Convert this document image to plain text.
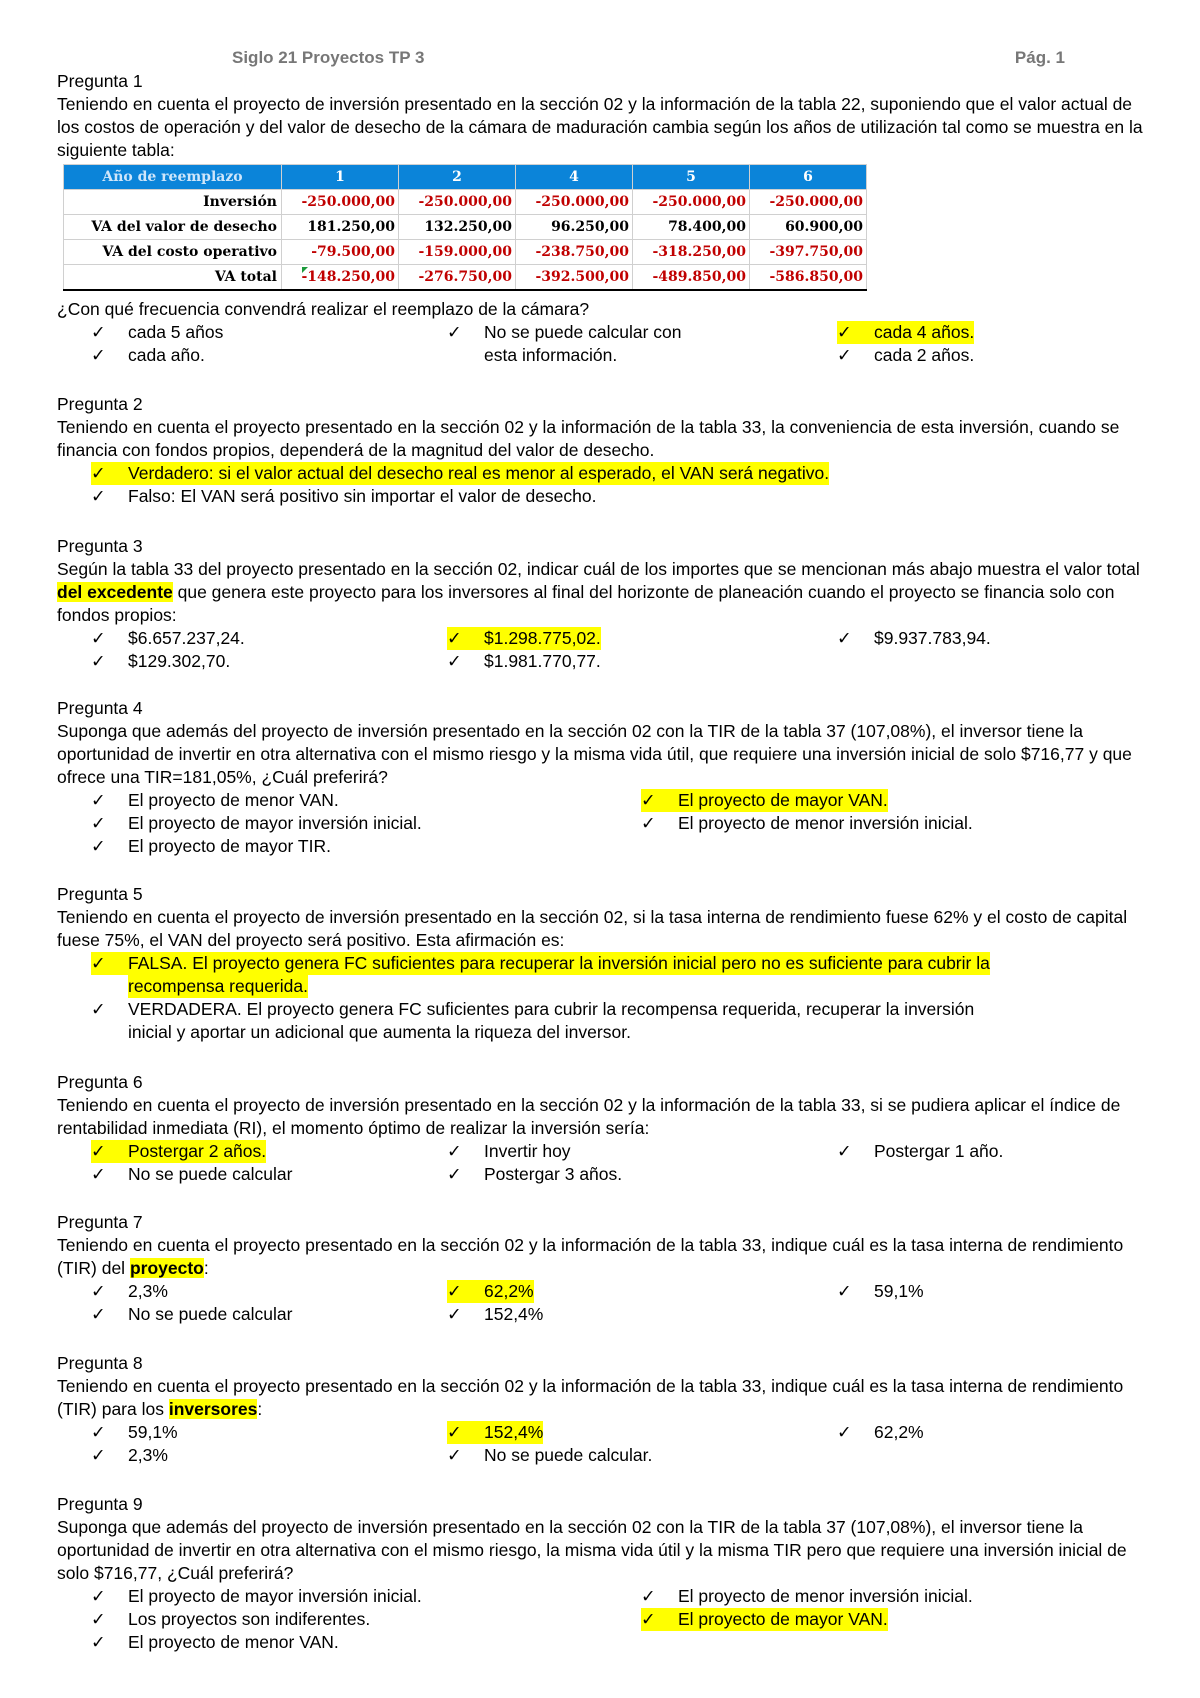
Siglo 21 Proyectos TP 3	Pág. 1

Pregunta 1

Teniendo en cuenta el proyecto de inversión presentado en la sección 02 y la información de la tabla 22, suponiendo que el valor actual de los costos de operación y del valor de desecho de la cámara de maduración cambia según los años de utilización tal como se muestra en la siguiente tabla:

Año de reemplazo	1	2	4	5	6
Inversión	-250.000,00	-250.000,00	-250.000,00	-250.000,00	-250.000,00
VA del valor de desecho	181.250,00	132.250,00	96.250,00	78.400,00	60.900,00
VA del costo operativo	-79.500,00	-159.000,00	-238.750,00	-318.250,00	-397.750,00
VA total	-148.250,00	-276.750,00	-392.500,00	-489.850,00	-586.850,00

¿Con qué frecuencia convendrá realizar el reemplazo de la cámara?

✓ cada 5 años
✓ cada año.
✓ No se puede calcular con
esta información.
✓ cada 4 años.
✓ cada 2 años.

Pregunta 2

Teniendo en cuenta el proyecto presentado en la sección 02 y la información de la tabla 33, la conveniencia de esta inversión, cuando se financia con fondos propios, dependerá de la magnitud del valor de desecho.

✓ Verdadero: si el valor actual del desecho real es menor al esperado, el VAN será negativo.
✓ Falso: El VAN será positivo sin importar el valor de desecho.

Pregunta 3

Según la tabla 33 del proyecto presentado en la sección 02, indicar cuál de los importes que se mencionan más abajo muestra el valor total del excedente que genera este proyecto para los inversores al final del horizonte de planeación cuando el proyecto se financia solo con fondos propios:

✓ $6.657.237,24.
✓ $129.302,70.
✓ $1.298.775,02.
✓ $1.981.770,77.
✓ $9.937.783,94.

Pregunta 4

Suponga que además del proyecto de inversión presentado en la sección 02 con la TIR de la tabla 37 (107,08%), el inversor tiene la oportunidad de invertir en otra alternativa con el mismo riesgo y la misma vida útil, que requiere una inversión inicial de solo $716,77 y que ofrece una TIR=181,05%, ¿Cuál preferirá?

✓ El proyecto de menor VAN.
✓ El proyecto de mayor inversión inicial.
✓ El proyecto de mayor TIR.
✓ El proyecto de mayor VAN.
✓ El proyecto de menor inversión inicial.

Pregunta 5

Teniendo en cuenta el proyecto de inversión presentado en la sección 02, si la tasa interna de rendimiento fuese 62% y el costo de capital fuese 75%, el VAN del proyecto será positivo. Esta afirmación es:

✓ FALSA. El proyecto genera FC suficientes para recuperar la inversión inicial pero no es suficiente para cubrir la
recompensa requerida.
✓ VERDADERA. El proyecto genera FC suficientes para cubrir la recompensa requerida, recuperar la inversión
inicial y aportar un adicional que aumenta la riqueza del inversor.

Pregunta 6

Teniendo en cuenta el proyecto de inversión presentado en la sección 02 y la información de la tabla 33, si se pudiera aplicar el índice de rentabilidad inmediata (RI), el momento óptimo de realizar la inversión sería:

✓ Postergar 2 años.
✓ No se puede calcular
✓ Invertir hoy
✓ Postergar 3 años.
✓ Postergar 1 año.

Pregunta 7

Teniendo en cuenta el proyecto presentado en la sección 02 y la información de la tabla 33, indique cuál es la tasa interna de rendimiento (TIR) del proyecto:

✓ 2,3%
✓ No se puede calcular
✓ 62,2%
✓ 152,4%
✓ 59,1%

Pregunta 8

Teniendo en cuenta el proyecto presentado en la sección 02 y la información de la tabla 33, indique cuál es la tasa interna de rendimiento (TIR) para los inversores:

✓ 59,1%
✓ 2,3%
✓ 152,4%
✓ No se puede calcular.
✓ 62,2%

Pregunta 9

Suponga que además del proyecto de inversión presentado en la sección 02 con la TIR de la tabla 37 (107,08%), el inversor tiene la oportunidad de invertir en otra alternativa con el mismo riesgo, la misma vida útil y la misma TIR pero que requiere una inversión inicial de solo $716,77, ¿Cuál preferirá?

✓ El proyecto de mayor inversión inicial.
✓ Los proyectos son indiferentes.
✓ El proyecto de menor VAN.
✓ El proyecto de menor inversión inicial.
✓ El proyecto de mayor VAN.
